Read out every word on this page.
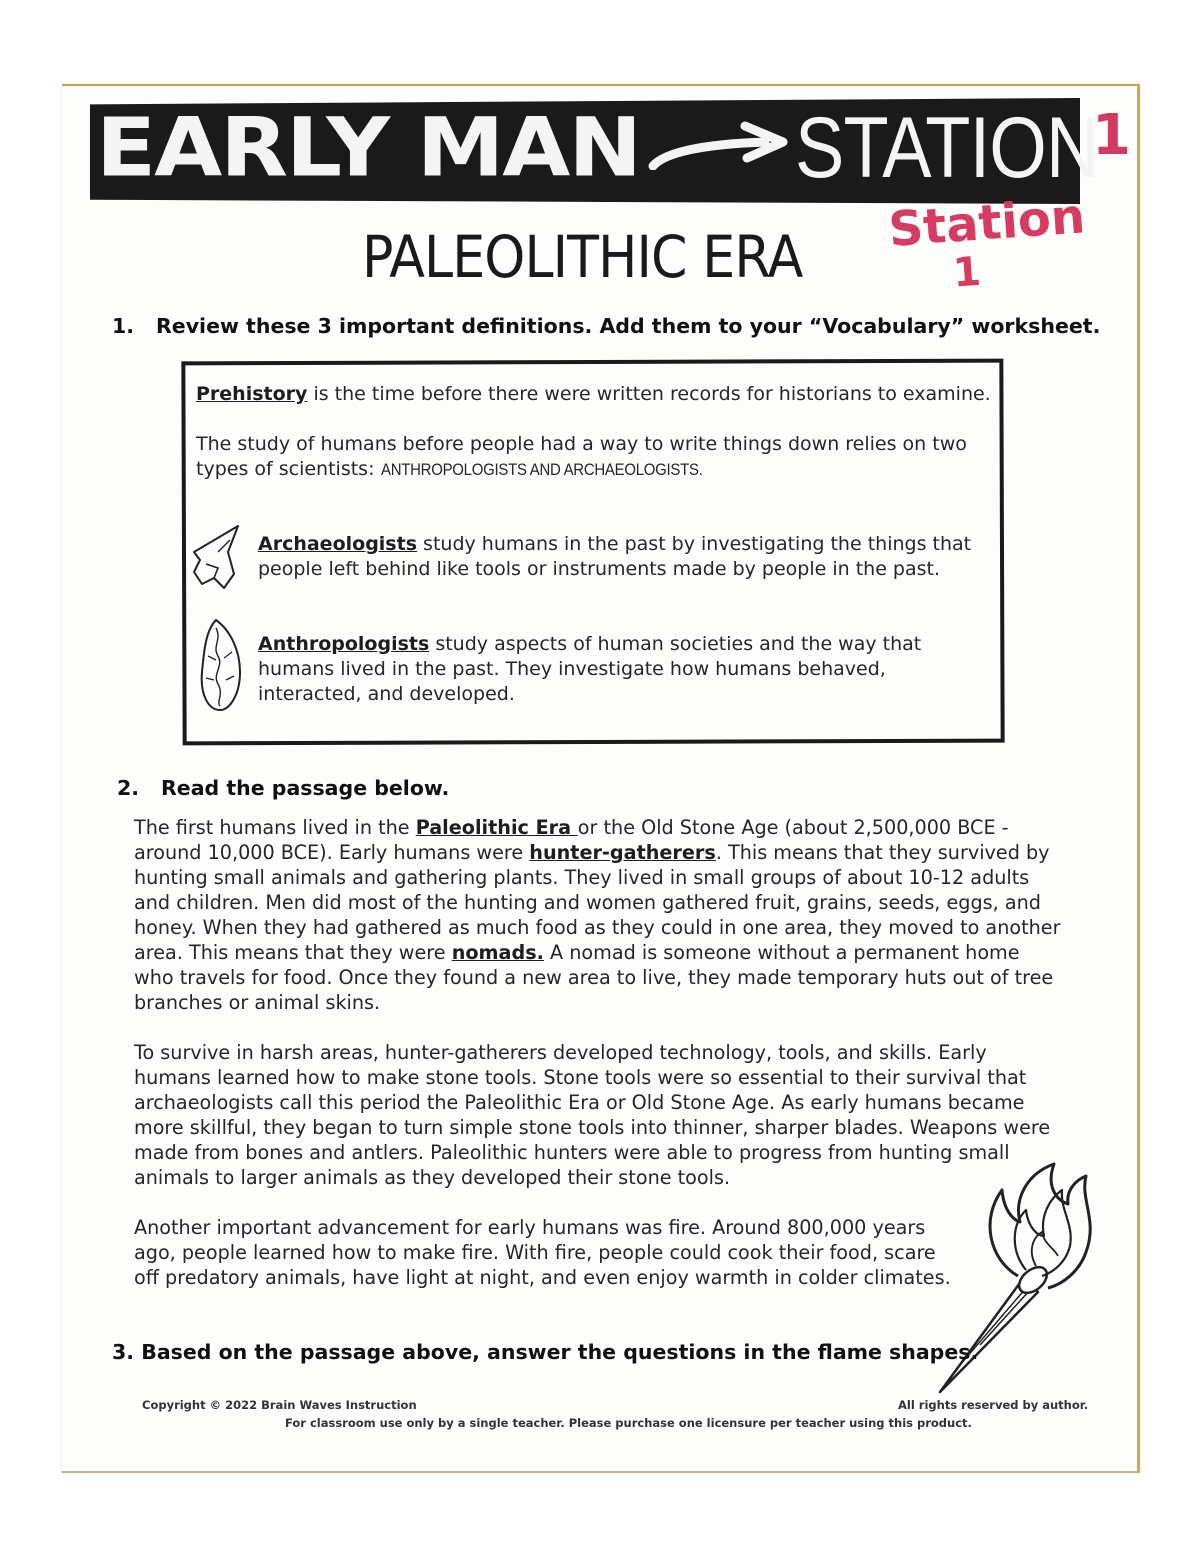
EARLY MAN STATION
1
PALEOLITHIC ERA Station
1
1. Review these 3 important definitions. Add them to your “Vocabulary” worksheet.
Prehistory is the time before there were written records for historians to examine.
The study of humans before people had a way to write things down relies on two types of scientists: ANTHROPOLOGISTS AND ARCHAEOLOGISTS.
Archaeologists study humans in the past by investigating the things that people left behind like tools or instruments made by people in the past.
Anthropologists study aspects of human societies and the way that humans lived in the past. They investigate how humans behaved, interacted, and developed.
2. Read the passage below.

The first humans lived in the Paleolithic Era or the Old Stone Age (about 2,500,000 BCE - around 10,000 BCE). Early humans were hunter-gatherers. This means that they survived by hunting small animals and gathering plants. They lived in small groups of about 10-12 adults and children. Men did most of the hunting and women gathered fruit, grains, seeds, eggs, and honey. When they had gathered as much food as they could in one area, they moved to another area. This means that they were nomads. A nomad is someone without a permanent home who travels for food. Once they found a new area to live, they made temporary huts out of tree branches or animal skins.

To survive in harsh areas, hunter-gatherers developed technology, tools, and skills. Early humans learned how to make stone tools. Stone tools were so essential to their survival that archaeologists call this period the Paleolithic Era or Old Stone Age. As early humans became more skillful, they began to turn simple stone tools into thinner, sharper blades. Weapons were made from bones and antlers. Paleolithic hunters were able to progress from hunting small animals to larger animals as they developed their stone tools.

Another important advancement for early humans was fire. Around 800,000 years ago, people learned how to make fire. With fire, people could cook their food, scare off predatory animals, have light at night, and even enjoy warmth in colder climates.

3. Based on the passage above, answer the questions in the flame shapes.
Copyright © 2022 Brain Waves Instruction	All rights reserved by author.
For classroom use only by a single teacher. Please purchase one licensure per teacher using this product.
